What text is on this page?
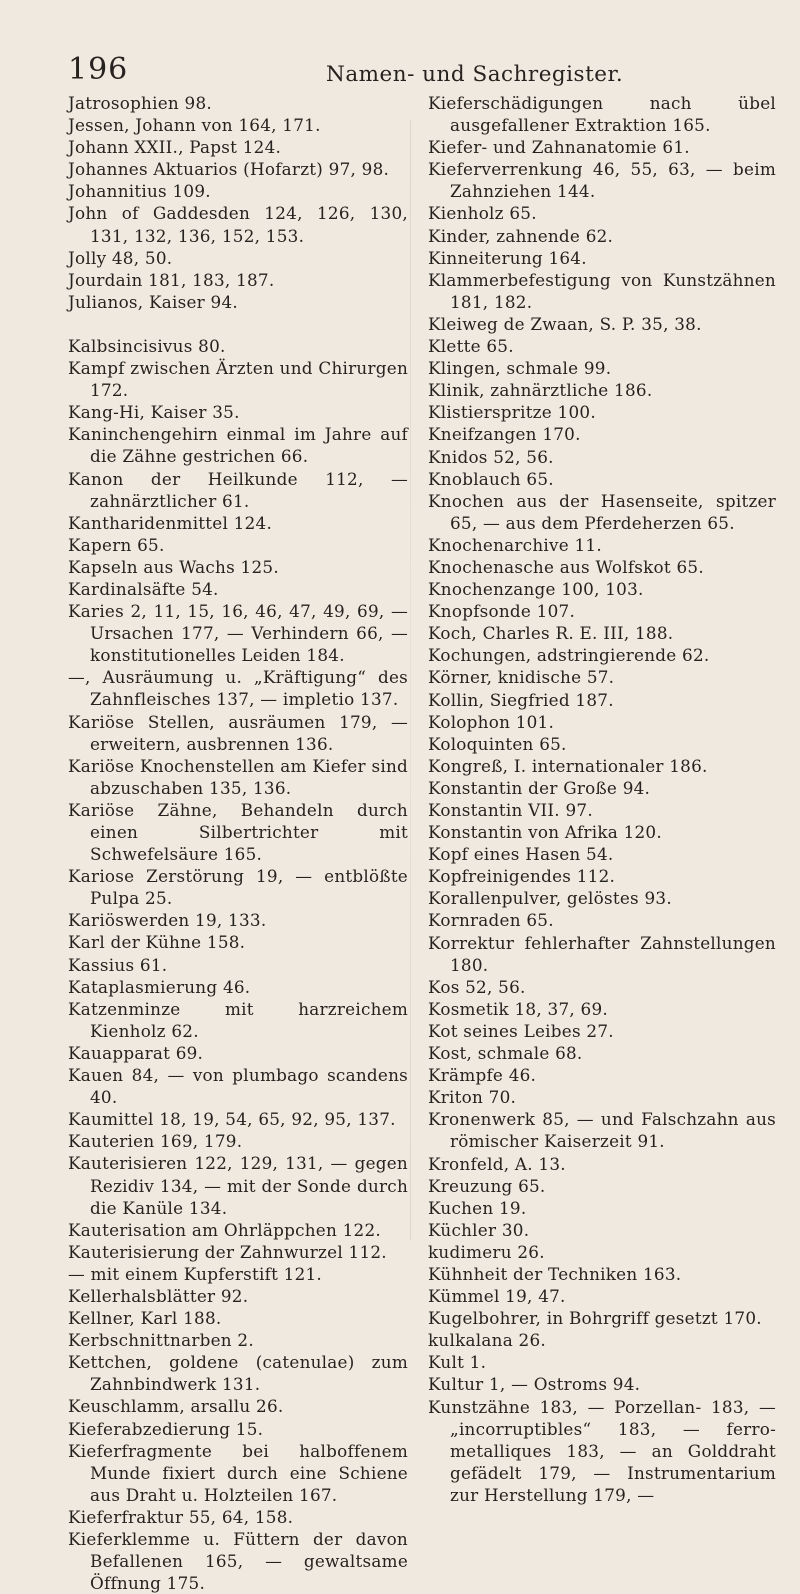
196	Namen- und Sachregister.
Jatrosophien 98.
Jessen, Johann von 164, 171.
Johann XXII., Papst 124.
Johannes Aktuarios (Hofarzt) 97, 98.
Johannitius 109.
John of Gaddesden 124, 126, 130, 131, 132, 136, 152, 153.
Jolly 48, 50.
Jourdain 181, 183, 187.
Julianos, Kaiser 94.
Kalbsincisivus 80.
Kampf zwischen Ärzten und Chirurgen 172.
Kang-Hi, Kaiser 35.
Kaninchengehirn einmal im Jahre auf die Zähne gestrichen 66.
Kanon der Heilkunde 112, — zahnärztlicher 61.
Kantharidenmittel 124.
Kapern 65.
Kapseln aus Wachs 125.
Kardinalsäfte 54.
Karies 2, 11, 15, 16, 46, 47, 49, 69, — Ursachen 177, — Verhindern 66, — konstitutionelles Leiden 184.
—, Ausräumung u. „Kräftigung“ des Zahnfleisches 137, — impletio 137.
Kariöse Stellen, ausräumen 179, — erweitern, ausbrennen 136.
Kariöse Knochenstellen am Kiefer sind abzuschaben 135, 136.
Kariöse Zähne, Behandeln durch einen Silbertrichter mit Schwefelsäure 165.
Kariose Zerstörung 19, — entblößte Pulpa 25.
Kariöswerden 19, 133.
Karl der Kühne 158.
Kassius 61.
Kataplasmierung 46.
Katzenminze mit harzreichem Kienholz 62.
Kauapparat 69.
Kauen 84, — von plumbago scandens 40.
Kaumittel 18, 19, 54, 65, 92, 95, 137.
Kauterien 169, 179.
Kauterisieren 122, 129, 131, — gegen Rezidiv 134, — mit der Sonde durch die Kanüle 134.
Kauterisation am Ohrläppchen 122.
Kauterisierung der Zahnwurzel 112.
— mit einem Kupferstift 121.
Kellerhalsblätter 92.
Kellner, Karl 188.
Kerbschnittnarben 2.
Kettchen, goldene (catenulae) zum Zahnbindwerk 131.
Keuschlamm, arsallu 26.
Kieferabzedierung 15.
Kieferfragmente bei halboffenem Munde fixiert durch eine Schiene aus Draht u. Holzteilen 167.
Kieferfraktur 55, 64, 158.
Kieferklemme u. Füttern der davon Befallenen 165, — gewaltsame Öffnung 175.
Kieferschädigungen nach übel ausgefallener Extraktion 165.
Kiefer- und Zahnanatomie 61.
Kieferverrenkung 46, 55, 63, — beim Zahnziehen 144.
Kienholz 65.
Kinder, zahnende 62.
Kinneiterung 164.
Klammerbefestigung von Kunstzähnen 181, 182.
Kleiweg de Zwaan, S. P. 35, 38.
Klette 65.
Klingen, schmale 99.
Klinik, zahnärztliche 186.
Klistierspritze 100.
Kneifzangen 170.
Knidos 52, 56.
Knoblauch 65.
Knochen aus der Hasenseite, spitzer 65, — aus dem Pferdeherzen 65.
Knochenarchive 11.
Knochenasche aus Wolfskot 65.
Knochenzange 100, 103.
Knopfsonde 107.
Koch, Charles R. E. III, 188.
Kochungen, adstringierende 62.
Körner, knidische 57.
Kollin, Siegfried 187.
Kolophon 101.
Koloquinten 65.
Kongreß, I. internationaler 186.
Konstantin der Große 94.
Konstantin VII. 97.
Konstantin von Afrika 120.
Kopf eines Hasen 54.
Kopfreinigendes 112.
Korallenpulver, gelöstes 93.
Kornraden 65.
Korrektur fehlerhafter Zahnstellungen 180.
Kos 52, 56.
Kosmetik 18, 37, 69.
Kot seines Leibes 27.
Kost, schmale 68.
Krämpfe 46.
Kriton 70.
Kronenwerk 85, — und Falschzahn aus römischer Kaiserzeit 91.
Kronfeld, A. 13.
Kreuzung 65.
Kuchen 19.
Küchler 30.
kudimeru 26.
Kühnheit der Techniken 163.
Kümmel 19, 47.
Kugelbohrer, in Bohrgriff gesetzt 170.
kulkalana 26.
Kult 1.
Kultur 1, — Ostroms 94.
Kunstzähne 183, — Porzellan- 183, — „incorruptibles“ 183, — ferro-metalliques 183, — an Golddraht gefädelt 179, — Instrumentarium zur Herstellung 179, —
